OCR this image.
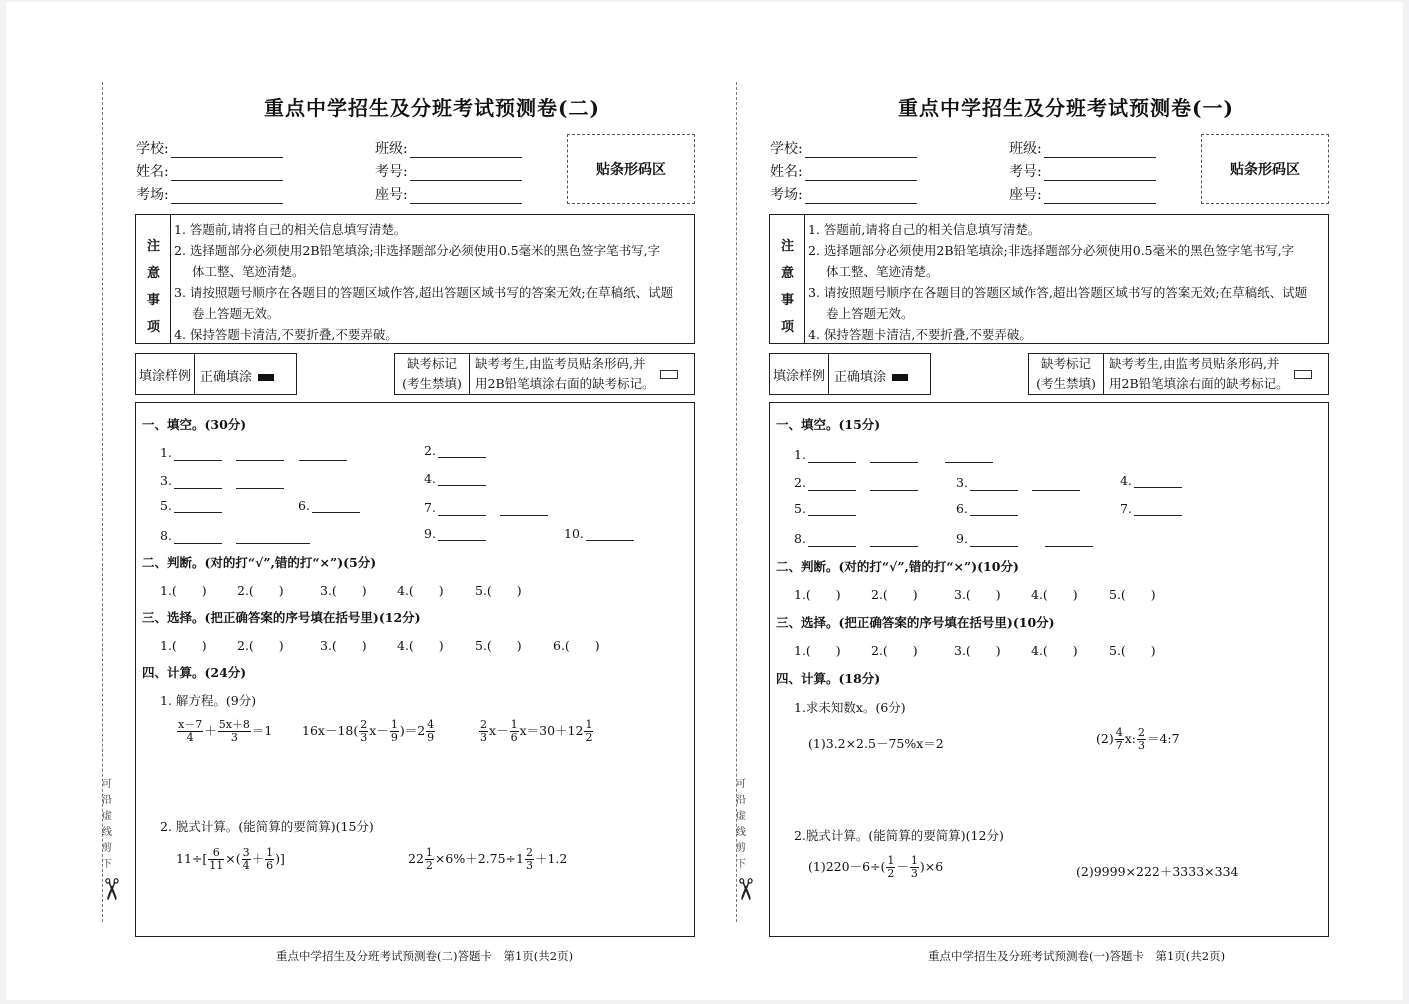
可
沿
虚
线
剪
下
✂
重点中学招生及分班考试预测卷(二)
学校:
姓名:
考场:
班级:
考号:
座号:
贴条形码区
注
意
事
项
1. 答题前,请将自己的相关信息填写清楚。
2. 选择题部分必须使用2B铅笔填涂;非选择题部分必须使用0.5毫米的黑色签字笔书写,字
体工整、笔迹清楚。
3. 请按照题号顺序在各题目的答题区域作答,超出答题区域书写的答案无效;在草稿纸、试题
卷上答题无效。
4. 保持答题卡清洁,不要折叠,不要弄破。
填涂样例 正确填涂
缺考标记
(考生禁填)
缺考考生,由监考员贴条形码,并
用2B铅笔填涂右面的缺考标记。
一、填空。(30分)
1.　　	2.
3.　	4.
5.	6.	7.　
8.　	9.	10.
二、判断。(对的打“√”,错的打“×”)(5分)
1.(　　) 2.(　　)	3.(　　) 4.(　　)	5.(　　)
三、选择。(把正确答案的序号填在括号里)(12分)
1.(　　) 2.(　　)	3.(　　) 4.(　　)	5.(　　)	6.(　　)
四、计算。(24分)
1. 解方程。(9分)
$\frac{x-7}{4} + \frac{5x+8}{3} =1$ $16x-18( \frac{2}{3} x- \frac{1}{9} )=2 \frac{4}{9}$	$\frac{2}{3} x- \frac{1}{6} x=30+12 \frac{1}{2}$
2. 脱式计算。(能简算的要简算)(15分)
$11\div[ \frac{6}{11}$ ×( $\frac{3}{4} + \frac{1}{6}$ )]	$22 \frac{1}{2} \times 6\%+2.75\div 1 \frac{2}{3} +1.2$
重点中学招生及分班考试预测卷(二)答题卡　第1页(共2页)
可
沿
虚
线
剪
下
✂
重点中学招生及分班考试预测卷(一)
学校:
姓名:
考场:
班级:
考号:
座号:
贴条形码区
注
意
事
项
1. 答题前,请将自己的相关信息填写清楚。
2. 选择题部分必须使用2B铅笔填涂;非选择题部分必须使用0.5毫米的黑色签字笔书写,字
体工整、笔迹清楚。
3. 请按照题号顺序在各题目的答题区域作答,超出答题区域书写的答案无效;在草稿纸、试题
卷上答题无效。
4. 保持答题卡清洁,不要折叠,不要弄破。
填涂样例 正确填涂
缺考标记
(考生禁填)
缺考考生,由监考员贴条形码,并
用2B铅笔填涂右面的缺考标记。
一、填空。(15分)
1.　　　
2.　	3.　	4.
5.	6.	7.
8.　	9.　　
二、判断。(对的打“√”,错的打“×”)(10分)
1.(　　) 2.(　　)	3.(　　) 4.(　　)	5.(　　)
三、选择。(把正确答案的序号填在括号里)(10分)
1.(　　) 2.(　　)	3.(　　) 4.(　　)	5.(　　)
四、计算。(18分)
1.求未知数x。(6分)
(1)3.2×2.5－75%x＝2	$(2) \frac{4}{7} x$: $\frac{2}{3}$ ＝4:7
2.脱式计算。(能简算的要简算)(12分)
$(1)220-6\div( \frac{1}{2} - \frac{1}{3} )\times 6$	(2)9999×222＋3333×334
重点中学招生及分班考试预测卷(一)答题卡　第1页(共2页)
